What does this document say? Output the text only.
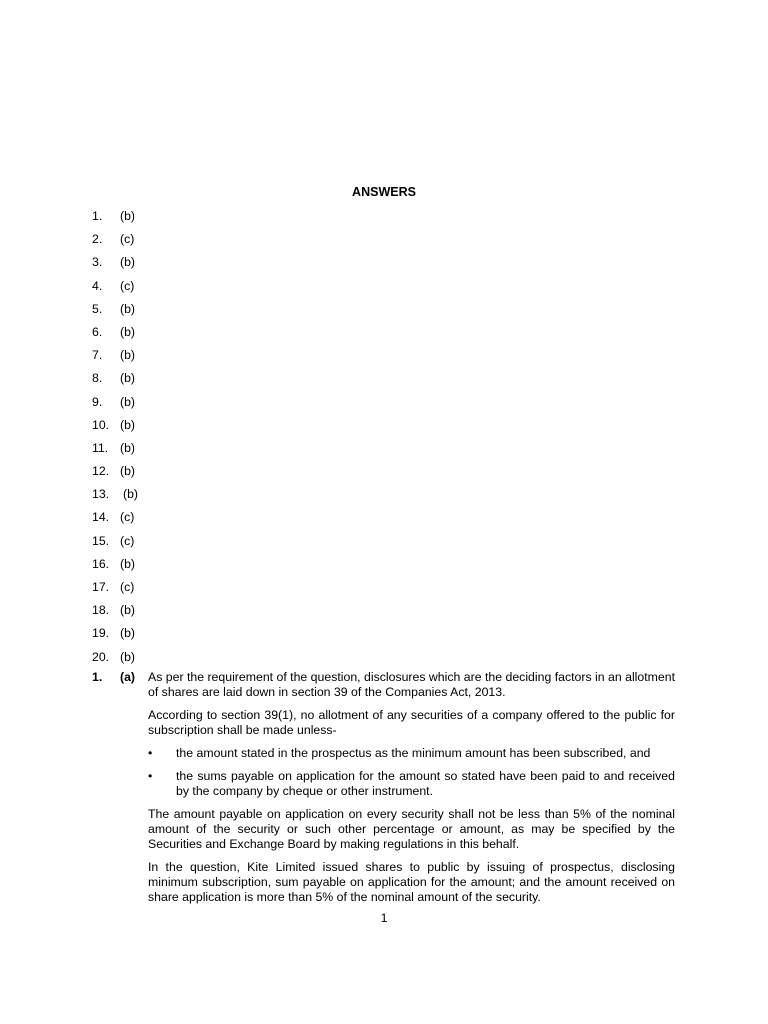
ANSWERS
1. (b)
2. (c)
3. (b)
4. (c)
5. (b)
6. (b)
7. (b)
8. (b)
9. (b)
10. (b)
11. (b)
12. (b)
13. (b)
14. (c)
15. (c)
16. (b)
17. (c)
18. (b)
19. (b)
20. (b)
1. (a) As per the requirement of the question, disclosures which are the deciding factors in an allotment of shares are laid down in section 39 of the Companies Act, 2013.

According to section 39(1), no allotment of any securities of a company offered to the public for subscription shall be made unless-

• the amount stated in the prospectus as the minimum amount has been subscribed, and
• the sums payable on application for the amount so stated have been paid to and received by the company by cheque or other instrument.

The amount payable on application on every security shall not be less than 5% of the nominal amount of the security or such other percentage or amount, as may be specified by the Securities and Exchange Board by making regulations in this behalf.

In the question, Kite Limited issued shares to public by issuing of prospectus, disclosing minimum subscription, sum payable on application for the amount; and the amount received on share application is more than 5% of the nominal amount of the security.

1
